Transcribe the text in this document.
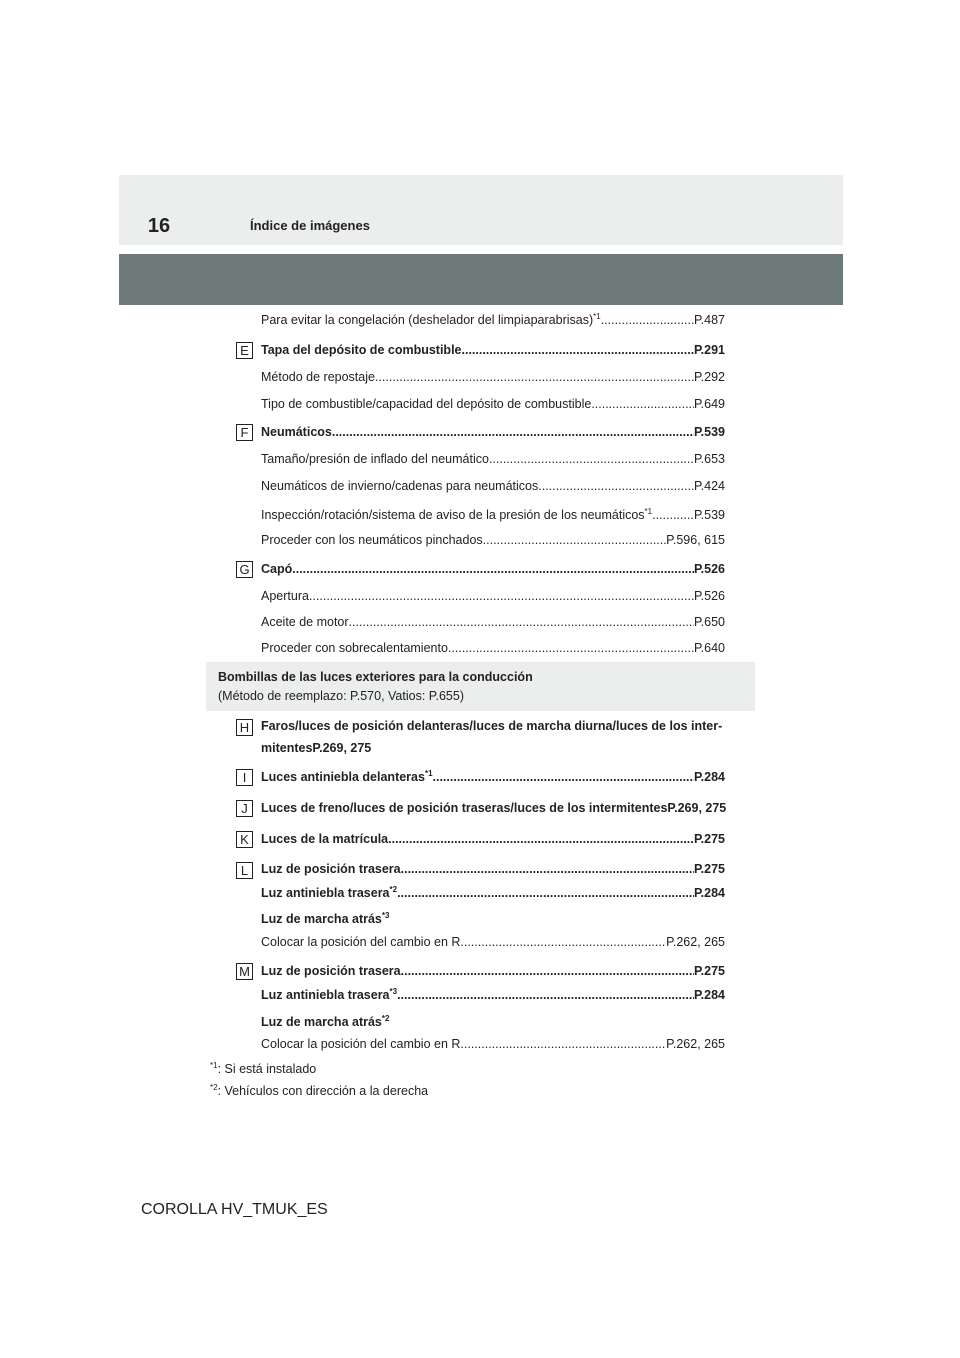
16	Índice de imágenes
Para evitar la congelación (deshelador del limpiaparabrisas)$^{*1}$ .....	P.487
E Tapa del depósito de combustible .....	P.291
Método de repostaje .....	P.292
Tipo de combustible/capacidad del depósito de combustible .....	P.649
F	Neumáticos .....	P.539
Tamaño/presión de inflado del neumático .....	P.653
Neumáticos de invierno/cadenas para neumáticos .....	P.424
Inspección/rotación/sistema de aviso de la presión de los neumáticos$^{*1}$ .....	P.539
Proceder con los neumáticos pinchados .....	P.596, 615
G Capó .....	P.526
Apertura .....	P.526
Aceite de motor .....	P.650
Proceder con sobrecalentamiento .....	P.640
Bombillas de las luces exteriores para la conducción
(Método de reemplazo: P.570, Vatios: P.655)
H Faros/luces de posición delanteras/luces de marcha diurna/luces de los inter-
mitentesP.269, 275
I	Luces antiniebla delanteras$^{*1}$ .....	P.284
J	Luces de freno/luces de posición traseras/luces de los intermitentesP.269, 275
K Luces de la matrícula .....	P.275
L	Luz de posición trasera .....	P.275
Luz antiniebla trasera$^{*2}$ .....	P.284
Luz de marcha atrás$^{*3}$
Colocar la posición del cambio en R .....	P.262, 265
M Luz de posición trasera .....	P.275
Luz antiniebla trasera$^{*3}$ .....	P.284
Luz de marcha atrás$^{*2}$
Colocar la posición del cambio en R .....	P.262, 265
$^{*1}$: Si está instalado
$^{*2}$: Vehículos con dirección a la derecha
COROLLA HV_TMUK_ES
